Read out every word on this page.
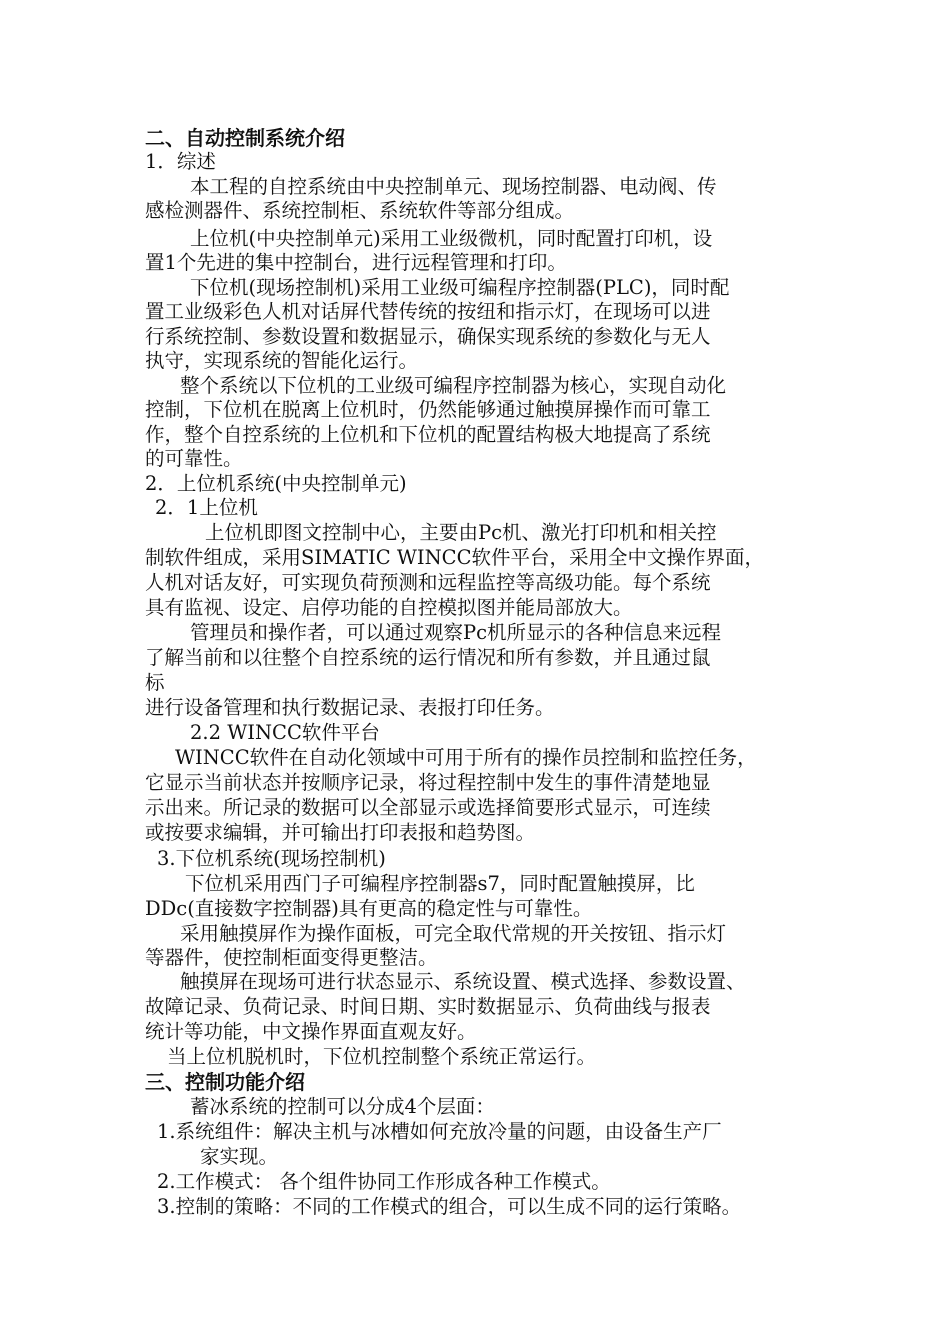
二、自动控制系统介绍
1．综述
本工程的自控系统由中央控制单元、现场控制器、电动阀、传
感检测器件、系统控制柜、系统软件等部分组成。
上位机(中央控制单元)采用工业级微机，同时配置打印机，设
置1个先进的集中控制台，进行远程管理和打印。
下位机(现场控制机)采用工业级可编程序控制器(PLC)，同时配
置工业级彩色人机对话屏代替传统的按纽和指示灯，在现场可以进
行系统控制、参数设置和数据显示，确保实现系统的参数化与无人
执守，实现系统的智能化运行。
整个系统以下位机的工业级可编程序控制器为核心，实现自动化
控制，下位机在脱离上位机时，仍然能够通过触摸屏操作而可靠工
作，整个自控系统的上位机和下位机的配置结构极大地提高了系统
的可靠性。
2．上位机系统(中央控制单元)
2．1上位机
上位机即图文控制中心，主要由Pc机、激光打印机和相关控
制软件组成，采用SIMATIC WINCC软件平台，采用全中文操作界面，
人机对话友好，可实现负荷预测和远程监控等高级功能。每个系统
具有监视、设定、启停功能的自控模拟图并能局部放大。
管理员和操作者，可以通过观察Pc机所显示的各种信息来远程
了解当前和以往整个自控系统的运行情况和所有参数，并且通过鼠
标
进行设备管理和执行数据记录、表报打印任务。
2.2 WINCC软件平台
WINCC软件在自动化领域中可用于所有的操作员控制和监控任务，
它显示当前状态并按顺序记录，将过程控制中发生的事件清楚地显
示出来。所记录的数据可以全部显示或选择简要形式显示，可连续
或按要求编辑，并可输出打印表报和趋势图。
3.下位机系统(现场控制机)
下位机采用西门子可编程序控制器s7，同时配置触摸屏，比
DDc(直接数字控制器)具有更高的稳定性与可靠性。
采用触摸屏作为操作面板，可完全取代常规的开关按钮、指示灯
等器件，使控制柜面变得更整洁。
触摸屏在现场可进行状态显示、系统设置、模式选择、参数设置、
故障记录、负荷记录、时间日期、实时数据显示、负荷曲线与报表
统计等功能，中文操作界面直观友好。
当上位机脱机时，下位机控制整个系统正常运行。
三、控制功能介绍
蓄冰系统的控制可以分成4个层面：
1.系统组件：解决主机与冰槽如何充放冷量的问题，由设备生产厂
家实现。
2.工作模式： 各个组件协同工作形成各种工作模式。
3.控制的策略：不同的工作模式的组合，可以生成不同的运行策略。
